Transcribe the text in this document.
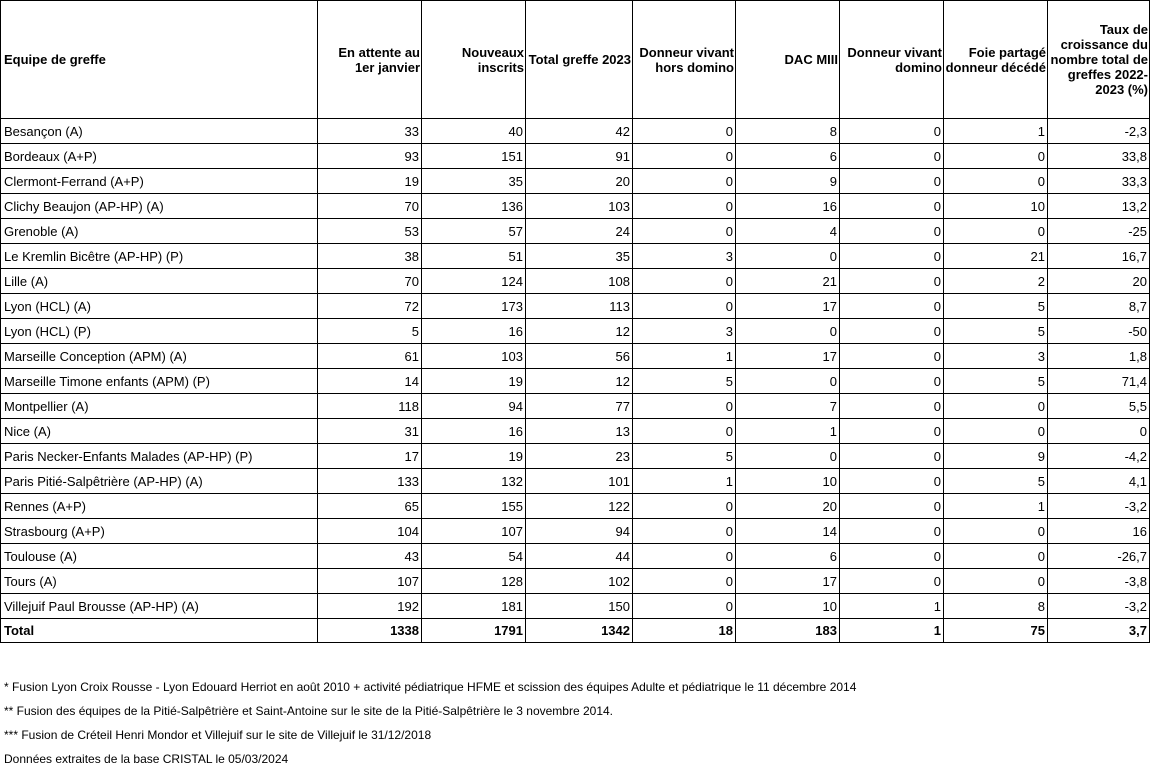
Equipe de greffe	En attente au 1er janvier	Nouveaux inscrits	Total greffe 2023	Donneur vivant hors domino	DAC MIII	Donneur vivant domino	Foie partagé donneur décédé	Taux de croissance du nombre total de greffes 2022-2023 (%)
Besançon (A)	33	40	42	0	8	0	1	-2,3
Bordeaux (A+P)	93	151	91	0	6	0	0	33,8
Clermont-Ferrand (A+P)	19	35	20	0	9	0	0	33,3
Clichy Beaujon (AP-HP) (A)	70	136	103	0	16	0	10	13,2
Grenoble (A)	53	57	24	0	4	0	0	-25
Le Kremlin Bicêtre (AP-HP) (P)	38	51	35	3	0	0	21	16,7
Lille (A)	70	124	108	0	21	0	2	20
Lyon (HCL) (A)	72	173	113	0	17	0	5	8,7
Lyon (HCL) (P)	5	16	12	3	0	0	5	-50
Marseille Conception (APM) (A)	61	103	56	1	17	0	3	1,8
Marseille Timone enfants (APM) (P)	14	19	12	5	0	0	5	71,4
Montpellier (A)	118	94	77	0	7	0	0	5,5
Nice (A)	31	16	13	0	1	0	0	0
Paris Necker-Enfants Malades (AP-HP) (P)	17	19	23	5	0	0	9	-4,2
Paris Pitié-Salpêtrière (AP-HP) (A)	133	132	101	1	10	0	5	4,1
Rennes (A+P)	65	155	122	0	20	0	1	-3,2
Strasbourg (A+P)	104	107	94	0	14	0	0	16
Toulouse (A)	43	54	44	0	6	0	0	-26,7
Tours (A)	107	128	102	0	17	0	0	-3,8
Villejuif Paul Brousse (AP-HP) (A)	192	181	150	0	10	1	8	-3,2
Total	1338	1791	1342	18	183	1	75	3,7
* Fusion Lyon Croix Rousse - Lyon Edouard Herriot en août 2010 + activité pédiatrique HFME et scission des équipes Adulte et pédiatrique le 11 décembre 2014
** Fusion des équipes de la Pitié-Salpêtrière et Saint-Antoine sur le site de la Pitié-Salpêtrière le 3 novembre 2014.
*** Fusion de Créteil Henri Mondor et Villejuif sur le site de Villejuif le 31/12/2018
Données extraites de la base CRISTAL le 05/03/2024
